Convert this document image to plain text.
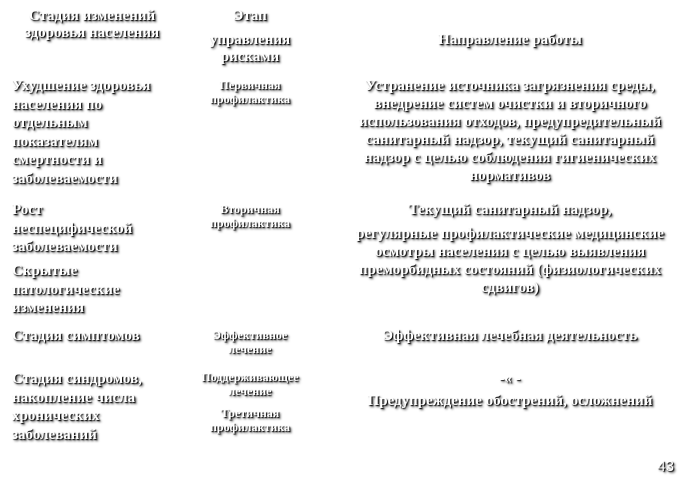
Стадия изменений
здоровья населения
Этап
управления
рисками
Направление работы
Ухудшение здоровья
населения по
отдельным
показателям
смертности и
заболеваемости
Первичная
профилактика
Устранение источника загрязнения среды,
внедрение систем очистки и вторичного
использования отходов, предупредительный
санитарный надзор, текущий санитарный
надзор с целью соблюдения гигиенических
нормативов
Рост
неспецифической
заболеваемости
Скрытые
патологические
изменения
Вторичная
профилактика
Текущий санитарный надзор,
регулярные профилактические медицинские
осмотры населения с целью выявления
преморбидных состояний (физиологических
сдвигов)
Стадия симптомов	Эффективное
лечение
Эффективная лечебная деятельность
Стадия синдромов,
накопление числа
хронических
заболеваний
Поддерживающее
лечение
Третичная
профилактика
-« -
Предупреждение обострений, осложнений
43
